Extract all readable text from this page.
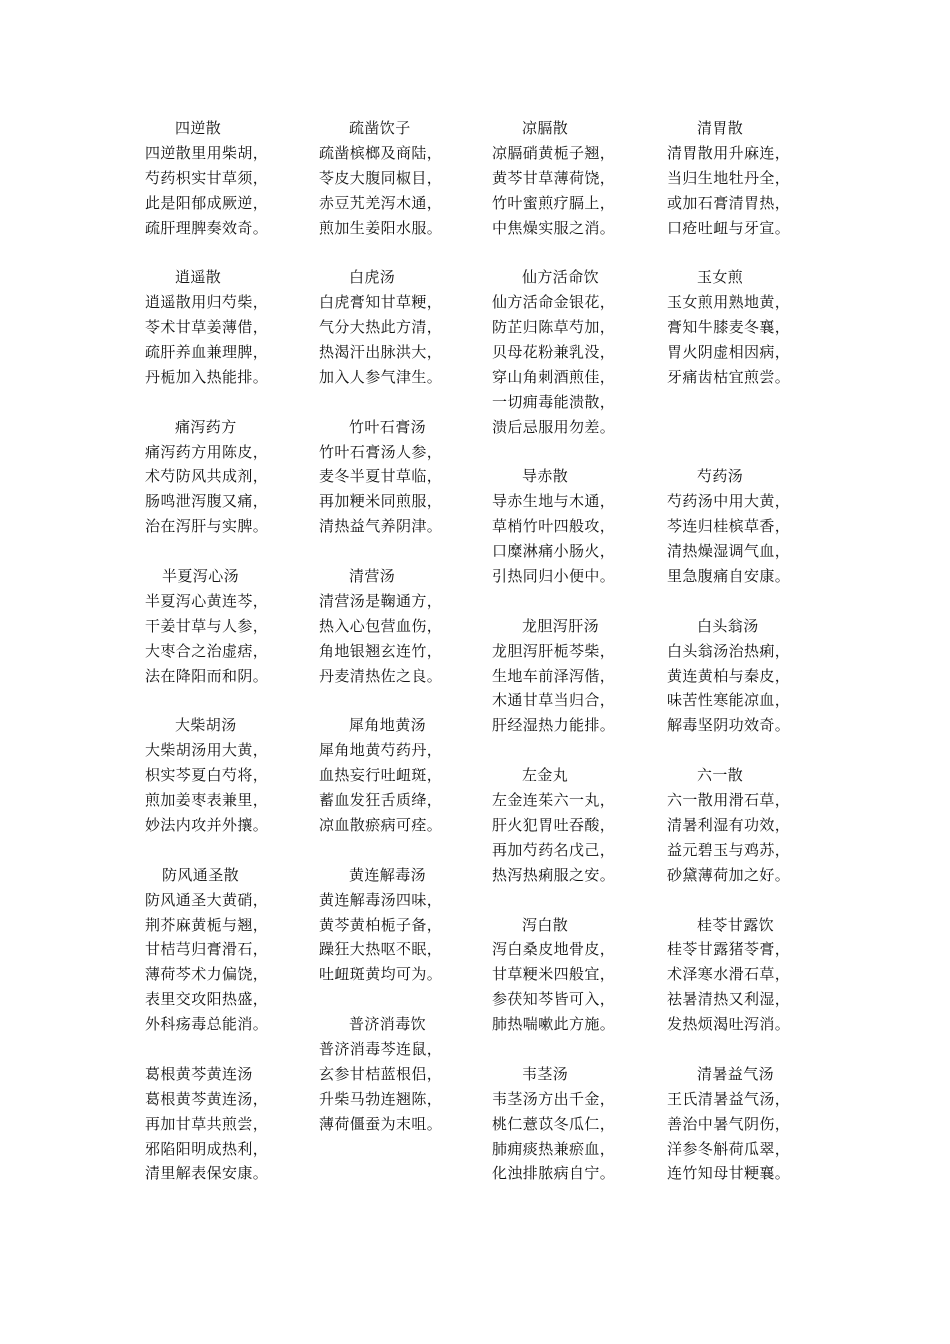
四逆散
四逆散里用柴胡，
芍药枳实甘草须，
此是阳郁成厥逆，
疏肝理脾奏效奇。
逍遥散
逍遥散用归芍柴，
苓术甘草姜薄借，
疏肝养血兼理脾，
丹栀加入热能排。
痛泻药方
痛泻药方用陈皮，
术芍防风共成剂，
肠鸣泄泻腹又痛，
治在泻肝与实脾。
半夏泻心汤
半夏泻心黄连芩，
干姜甘草与人参，
大枣合之治虚痞，
法在降阳而和阴。
大柴胡汤
大柴胡汤用大黄，
枳实芩夏白芍将，
煎加姜枣表兼里，
妙法内攻并外攘。
防风通圣散
防风通圣大黄硝，
荆芥麻黄栀与翘，
甘桔芎归膏滑石，
薄荷芩术力偏饶，
表里交攻阳热盛，
外科疡毒总能消。
葛根黄芩黄连汤
葛根黄芩黄连汤，
再加甘草共煎尝，
邪陷阳明成热利，
清里解表保安康。
疏凿饮子
疏凿槟榔及商陆，
苓皮大腹同椒目，
赤豆艽羌泻木通，
煎加生姜阳水服。
白虎汤
白虎膏知甘草粳，
气分大热此方清，
热渴汗出脉洪大，
加入人参气津生。
竹叶石膏汤
竹叶石膏汤人参，
麦冬半夏甘草临，
再加粳米同煎服，
清热益气养阴津。
清营汤
清营汤是鞠通方，
热入心包营血伤，
角地银翘玄连竹，
丹麦清热佐之良。
犀角地黄汤
犀角地黄芍药丹，
血热妄行吐衄斑，
蓄血发狂舌质绛，
凉血散瘀病可痊。
黄连解毒汤
黄连解毒汤四味，
黄芩黄柏栀子备，
躁狂大热呕不眠，
吐衄斑黄均可为。
普济消毒饮
普济消毒芩连鼠，
玄参甘桔蓝根侣，
升柴马勃连翘陈，
薄荷僵蚕为末咀。
凉膈散
凉膈硝黄栀子翘，
黄芩甘草薄荷饶，
竹叶蜜煎疗膈上，
中焦燥实服之消。
仙方活命饮
仙方活命金银花，
防芷归陈草芍加，
贝母花粉兼乳没，
穿山角刺酒煎佳，
一切痈毒能溃散，
溃后忌服用勿差。
导赤散
导赤生地与木通，
草梢竹叶四般攻，
口糜淋痛小肠火，
引热同归小便中。
龙胆泻肝汤
龙胆泻肝栀芩柴，
生地车前泽泻偕，
木通甘草当归合，
肝经湿热力能排。
左金丸
左金连茱六一丸，
肝火犯胃吐吞酸，
再加芍药名戊己，
热泻热痢服之安。
泻白散
泻白桑皮地骨皮，
甘草粳米四般宜，
参茯知芩皆可入，
肺热喘嗽此方施。
韦茎汤
韦茎汤方出千金，
桃仁薏苡冬瓜仁，
肺痈痰热兼瘀血，
化浊排脓病自宁。
清胃散
清胃散用升麻连，
当归生地牡丹全，
或加石膏清胃热，
口疮吐衄与牙宣。
玉女煎
玉女煎用熟地黄，
膏知牛膝麦冬襄，
胃火阴虚相因病，
牙痛齿枯宜煎尝。
芍药汤
芍药汤中用大黄，
芩连归桂槟草香，
清热燥湿调气血，
里急腹痛自安康。
白头翁汤
白头翁汤治热痢，
黄连黄柏与秦皮，
味苦性寒能凉血，
解毒坚阴功效奇。
六一散
六一散用滑石草，
清暑利湿有功效，
益元碧玉与鸡苏，
砂黛薄荷加之好。
桂苓甘露饮
桂苓甘露猪苓膏，
术泽寒水滑石草，
祛暑清热又利湿，
发热烦渴吐泻消。
清暑益气汤
王氏清暑益气汤，
善治中暑气阴伤，
洋参冬斛荷瓜翠，
连竹知母甘粳襄。
